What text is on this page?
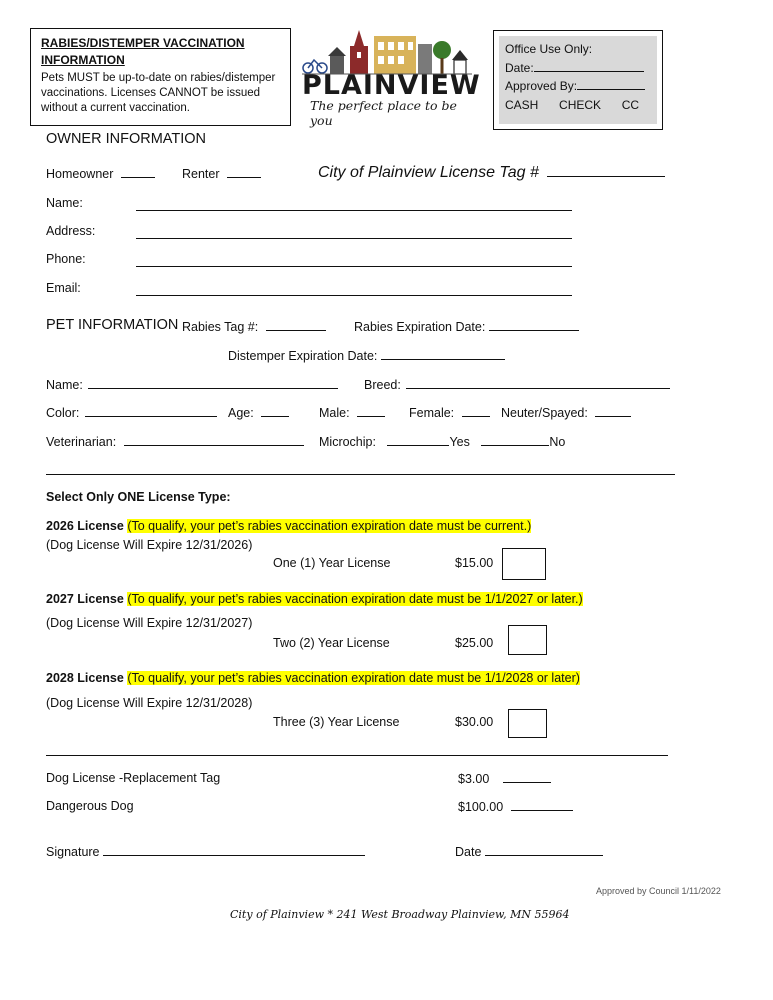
RABIES/DISTEMPER VACCINATION INFORMATION
Pets MUST be up-to-date on rabies/distemper vaccinations. Licenses CANNOT be issued without a current vaccination.
PLAINVIEW
The perfect place to be you
Office Use Only:
Date:
Approved By:
CASH CHECK CC
OWNER INFORMATION
Homeowner	Renter	City of Plainview License Tag #
Name:
Address:
Phone:
Email:
PET INFORMATION Rabies Tag #:	Rabies Expiration Date:
Distemper Expiration Date:
Name:	Breed:
Color:	Age:	Male:	Female:	Neuter/Spayed:
Veterinarian:	Microchip:	Yes	No
Select Only ONE License Type:
2026 License (To qualify, your pet’s rabies vaccination expiration date must be current.)
(Dog License Will Expire 12/31/2026)
One (1) Year License	$15.00
2027 License (To qualify, your pet’s rabies vaccination expiration date must be 1/1/2027 or later.)
(Dog License Will Expire 12/31/2027)
Two (2) Year License	$25.00
2028 License (To qualify, your pet’s rabies vaccination expiration date must be 1/1/2028 or later)
(Dog License Will Expire 12/31/2028)
Three (3) Year License	$30.00
Dog License -Replacement Tag	$3.00
Dangerous Dog	$100.00
Signature	Date
Approved by Council 1/11/2022
City of Plainview * 241 West Broadway Plainview, MN 55964
